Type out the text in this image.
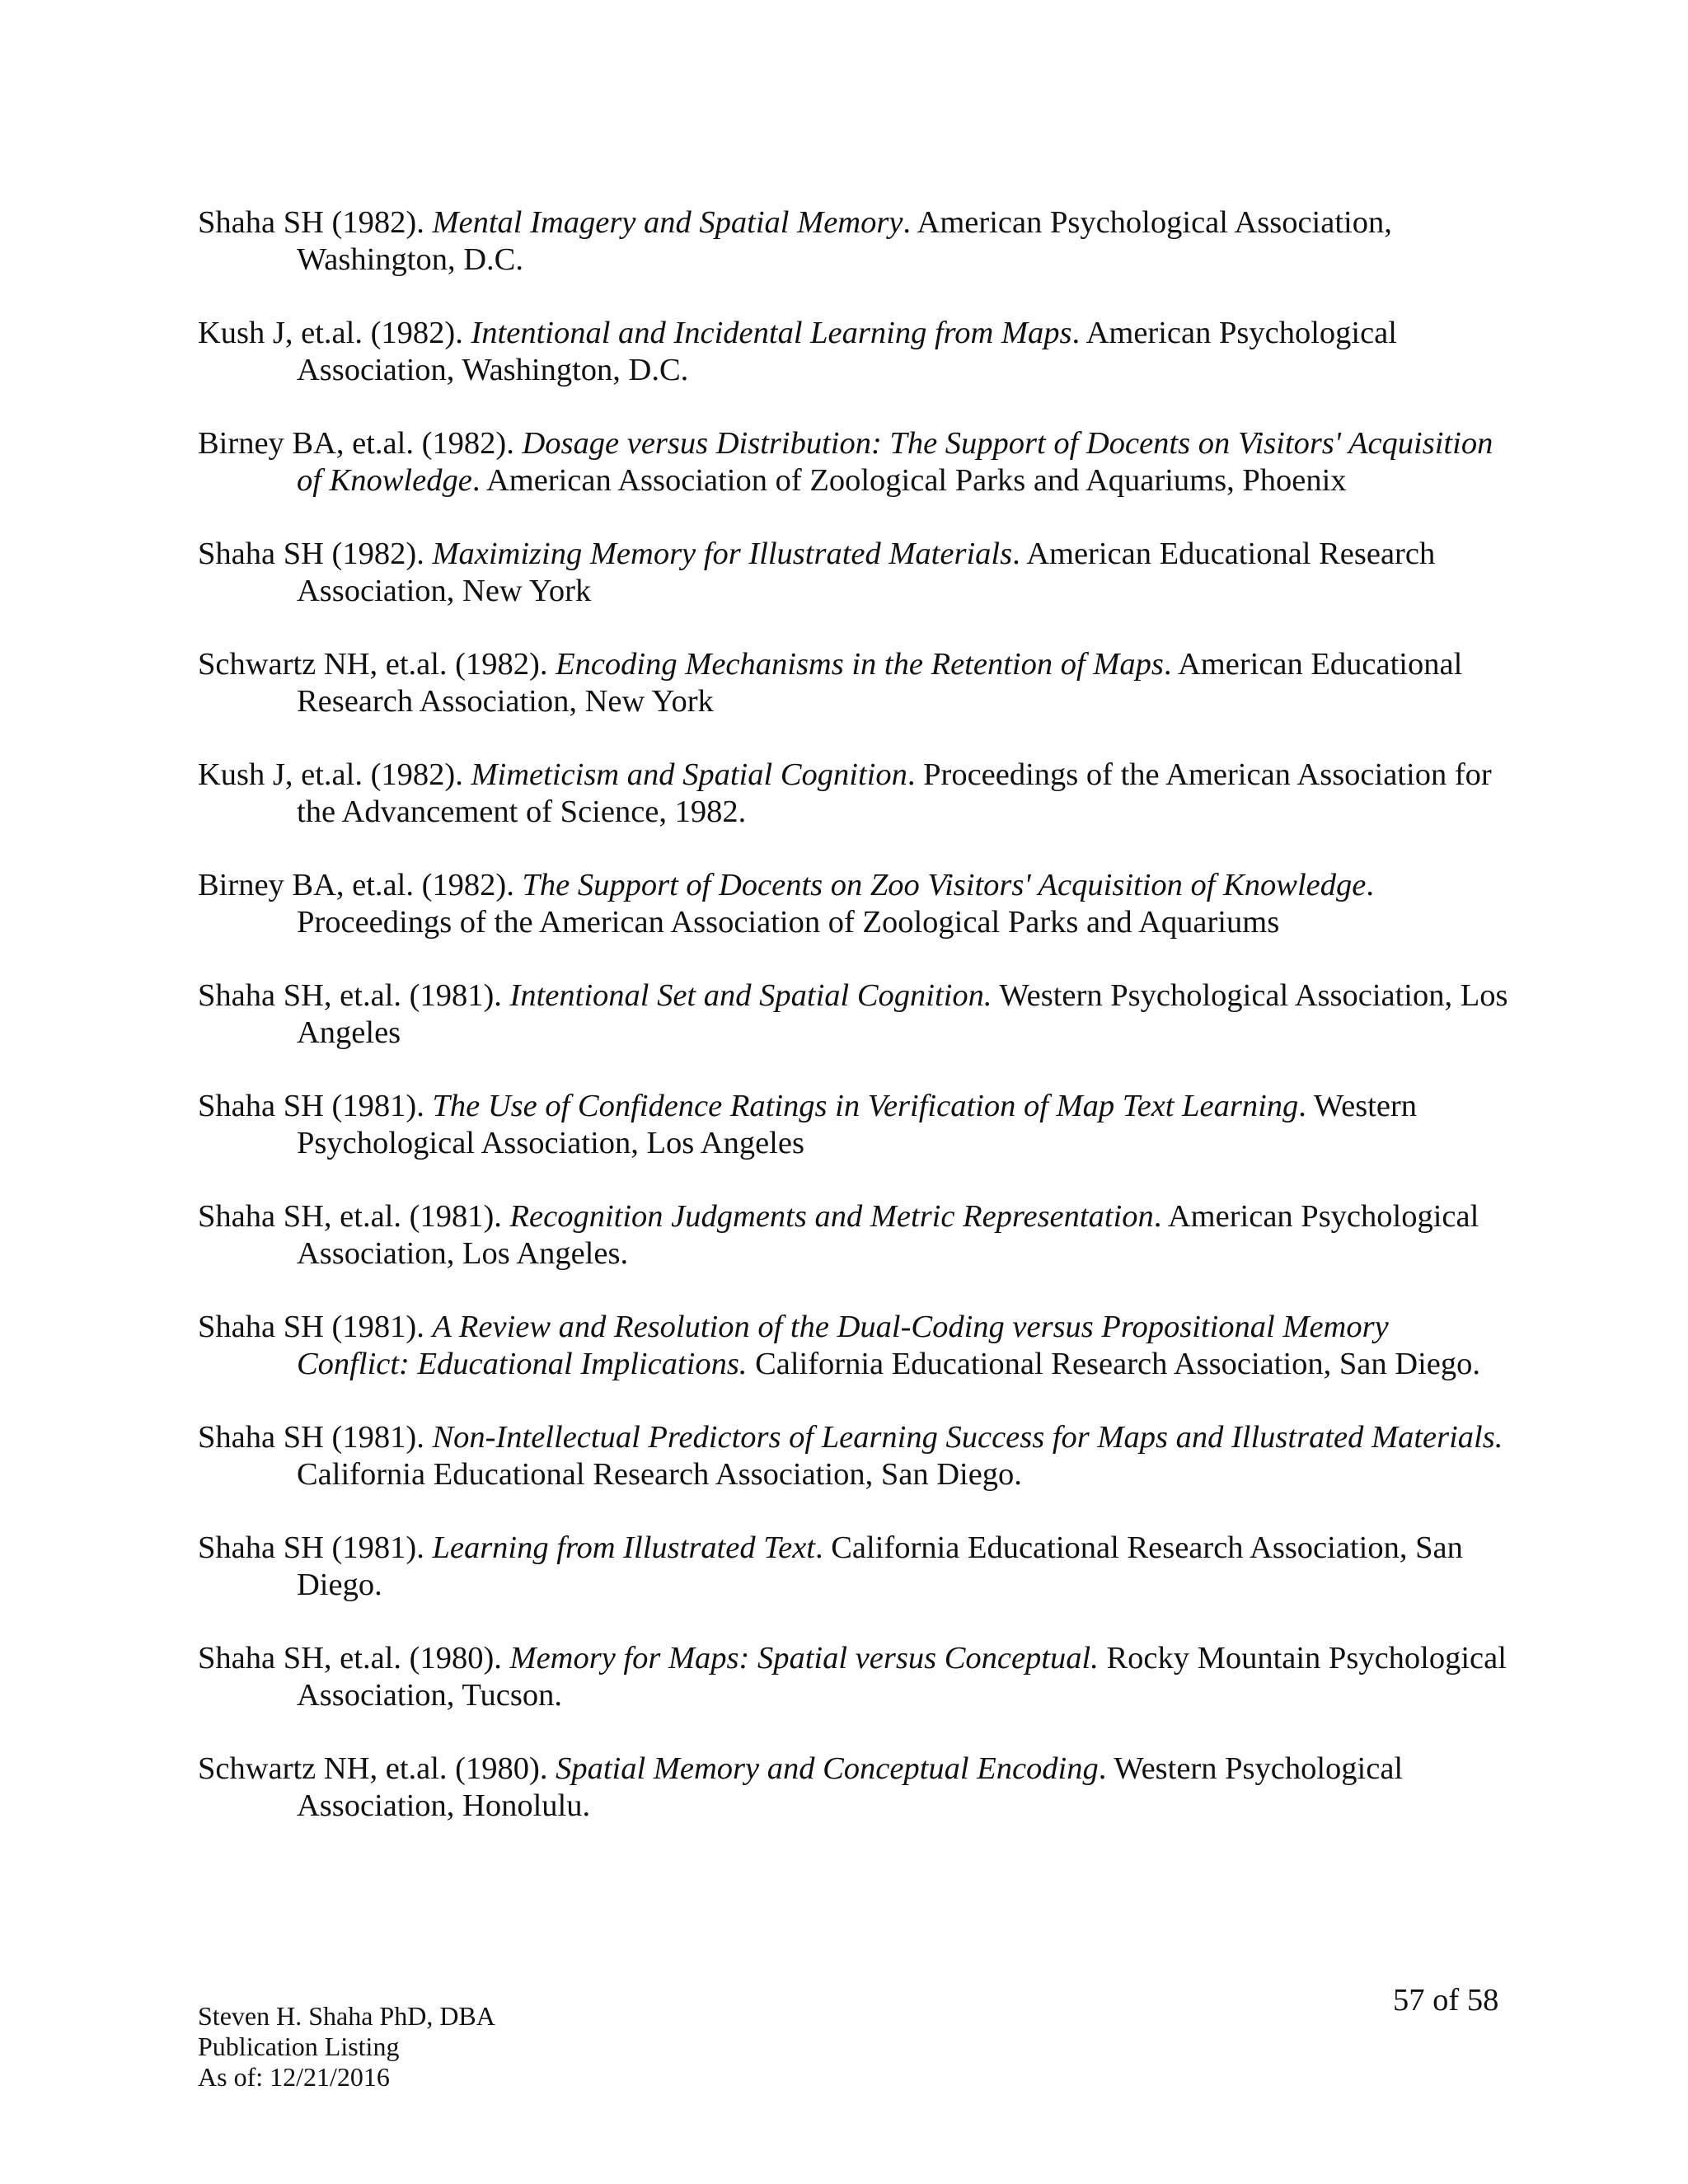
Shaha SH (1982). Mental Imagery and Spatial Memory. American Psychological Association, Washington, D.C.
Kush J, et.al. (1982). Intentional and Incidental Learning from Maps. American Psychological Association, Washington, D.C.
Birney BA, et.al. (1982). Dosage versus Distribution: The Support of Docents on Visitors' Acquisition of Knowledge. American Association of Zoological Parks and Aquariums, Phoenix
Shaha SH (1982). Maximizing Memory for Illustrated Materials. American Educational Research Association, New York
Schwartz NH, et.al. (1982). Encoding Mechanisms in the Retention of Maps. American Educational Research Association, New York
Kush J, et.al. (1982). Mimeticism and Spatial Cognition. Proceedings of the American Association for the Advancement of Science, 1982.
Birney BA, et.al. (1982). The Support of Docents on Zoo Visitors' Acquisition of Knowledge. Proceedings of the American Association of Zoological Parks and Aquariums
Shaha SH, et.al. (1981). Intentional Set and Spatial Cognition. Western Psychological Association, Los Angeles
Shaha SH (1981). The Use of Confidence Ratings in Verification of Map Text Learning. Western Psychological Association, Los Angeles
Shaha SH, et.al. (1981). Recognition Judgments and Metric Representation. American Psychological Association, Los Angeles.
Shaha SH (1981). A Review and Resolution of the Dual-Coding versus Propositional Memory Conflict: Educational Implications. California Educational Research Association, San Diego.
Shaha SH (1981). Non-Intellectual Predictors of Learning Success for Maps and Illustrated Materials. California Educational Research Association, San Diego.
Shaha SH (1981). Learning from Illustrated Text. California Educational Research Association, San Diego.
Shaha SH, et.al. (1980). Memory for Maps: Spatial versus Conceptual. Rocky Mountain Psychological Association, Tucson.
Schwartz NH, et.al. (1980). Spatial Memory and Conceptual Encoding. Western Psychological Association, Honolulu.
57 of 58
Steven H. Shaha PhD, DBA
Publication Listing
As of: 12/21/2016
